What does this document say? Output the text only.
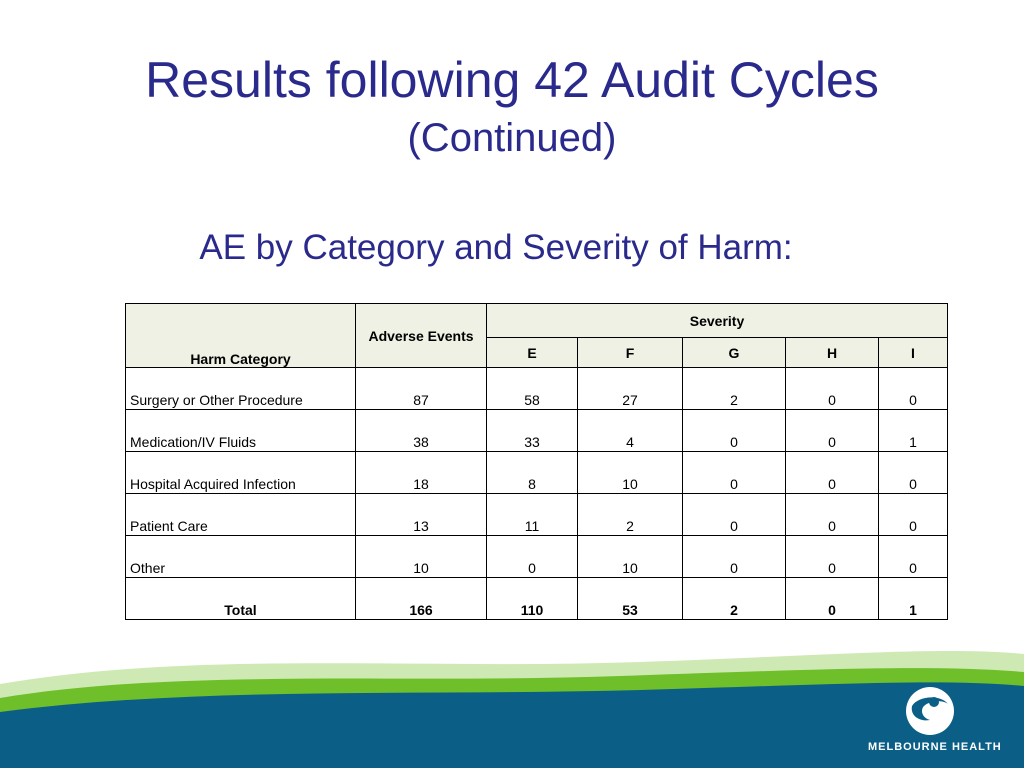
Results following 42 Audit Cycles
(Continued)
AE by Category and Severity of Harm:
Harm Category	Adverse Events	Severity				
		E	F	G	H	I
Surgery or Other Procedure	87	58	27	2	0	0
Medication/IV Fluids	38	33	4	0	0	1
Hospital Acquired Infection	18	8	10	0	0	0
Patient Care	13	11	2	0	0	0
Other	10	0	10	0	0	0
Total	166	110	53	2	0	1
MELBOURNE HEALTH
